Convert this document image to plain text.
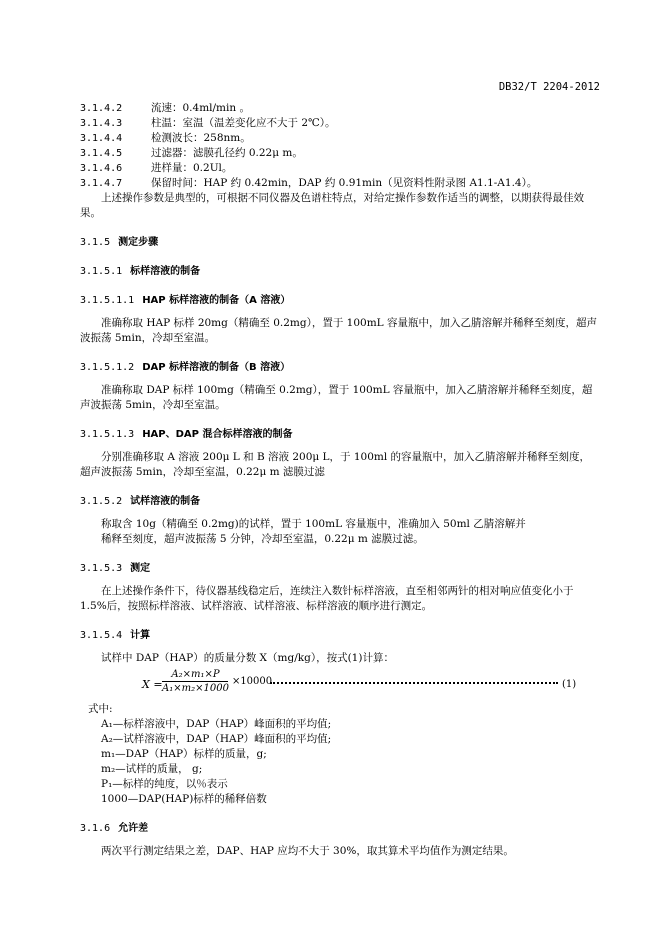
DB32/T 2204-2012
3.1.4.2	流速：0.4ml/min 。
3.1.4.3	柱温：室温（温差变化应不大于 2℃）。
3.1.4.4	检测波长：258nm。
3.1.4.5	过滤器：滤膜孔径约 0.22μ m。
3.1.4.6	进样量：0.2Ul。
3.1.4.7	保留时间：HAP 约 0.42min，DAP 约 0.91min（见资料性附录图 A1.1-A1.4）。

上述操作参数是典型的，可根据不同仪器及色谱柱特点，对给定操作参数作适当的调整，以期获得最佳效果。

3.1.5 测定步骤
3.1.5.1 标样溶液的制备
3.1.5.1.1 HAP 标样溶液的制备（A 溶液）

准确称取 HAP 标样 20mg（精确至 0.2mg），置于 100mL 容量瓶中，加入乙腈溶解并稀释至刻度，超声波振荡 5min，冷却至室温。

3.1.5.1.2 DAP 标样溶液的制备（B 溶液）

准确称取 DAP 标样 100mg（精确至 0.2mg），置于 100mL 容量瓶中，加入乙腈溶解并稀释至刻度，超声波振荡 5min，冷却至室温。

3.1.5.1.3 HAP、DAP 混合标样溶液的制备

分别准确移取 A 溶液 200μ L 和 B 溶液 200μ L，于 100ml 的容量瓶中，加入乙腈溶解并稀释至刻度，超声波振荡 5min，冷却至室温，0.22μ m 滤膜过滤

3.1.5.2 试样溶液的制备

称取含 10g（精确至 0.2mg)的试样，置于 100mL 容量瓶中，准确加入 50ml 乙腈溶解并

稀释至刻度，超声波振荡 5 分钟，冷却至室温，0.22μ m 滤膜过滤。

3.1.5.3 测定

在上述操作条件下，待仪器基线稳定后，连续注入数针标样溶液，直至相邻两针的相对响应值变化小于 1.5%后，按照标样溶液、试样溶液、试样溶液、标样溶液的顺序进行测定。

3.1.5.4 计算

试样中 DAP（HAP）的质量分数 X（mg/kg），按式(1)计算：

X =
A₂×m₁×P
A₁×m₂×1000
×10000	(1)
式中:
A₁—标样溶液中，DAP（HAP）峰面积的平均值;
A₂—试样溶液中，DAP（HAP）峰面积的平均值;
m₁—DAP（HAP）标样的质量，g;
m₂—试样的质量， g;
P₁—标样的纯度，以％表示
1000—DAP(HAP)标样的稀释倍数
3.1.6 允许差

两次平行测定结果之差，DAP、HAP 应均不大于 30%，取其算术平均值作为测定结果。
